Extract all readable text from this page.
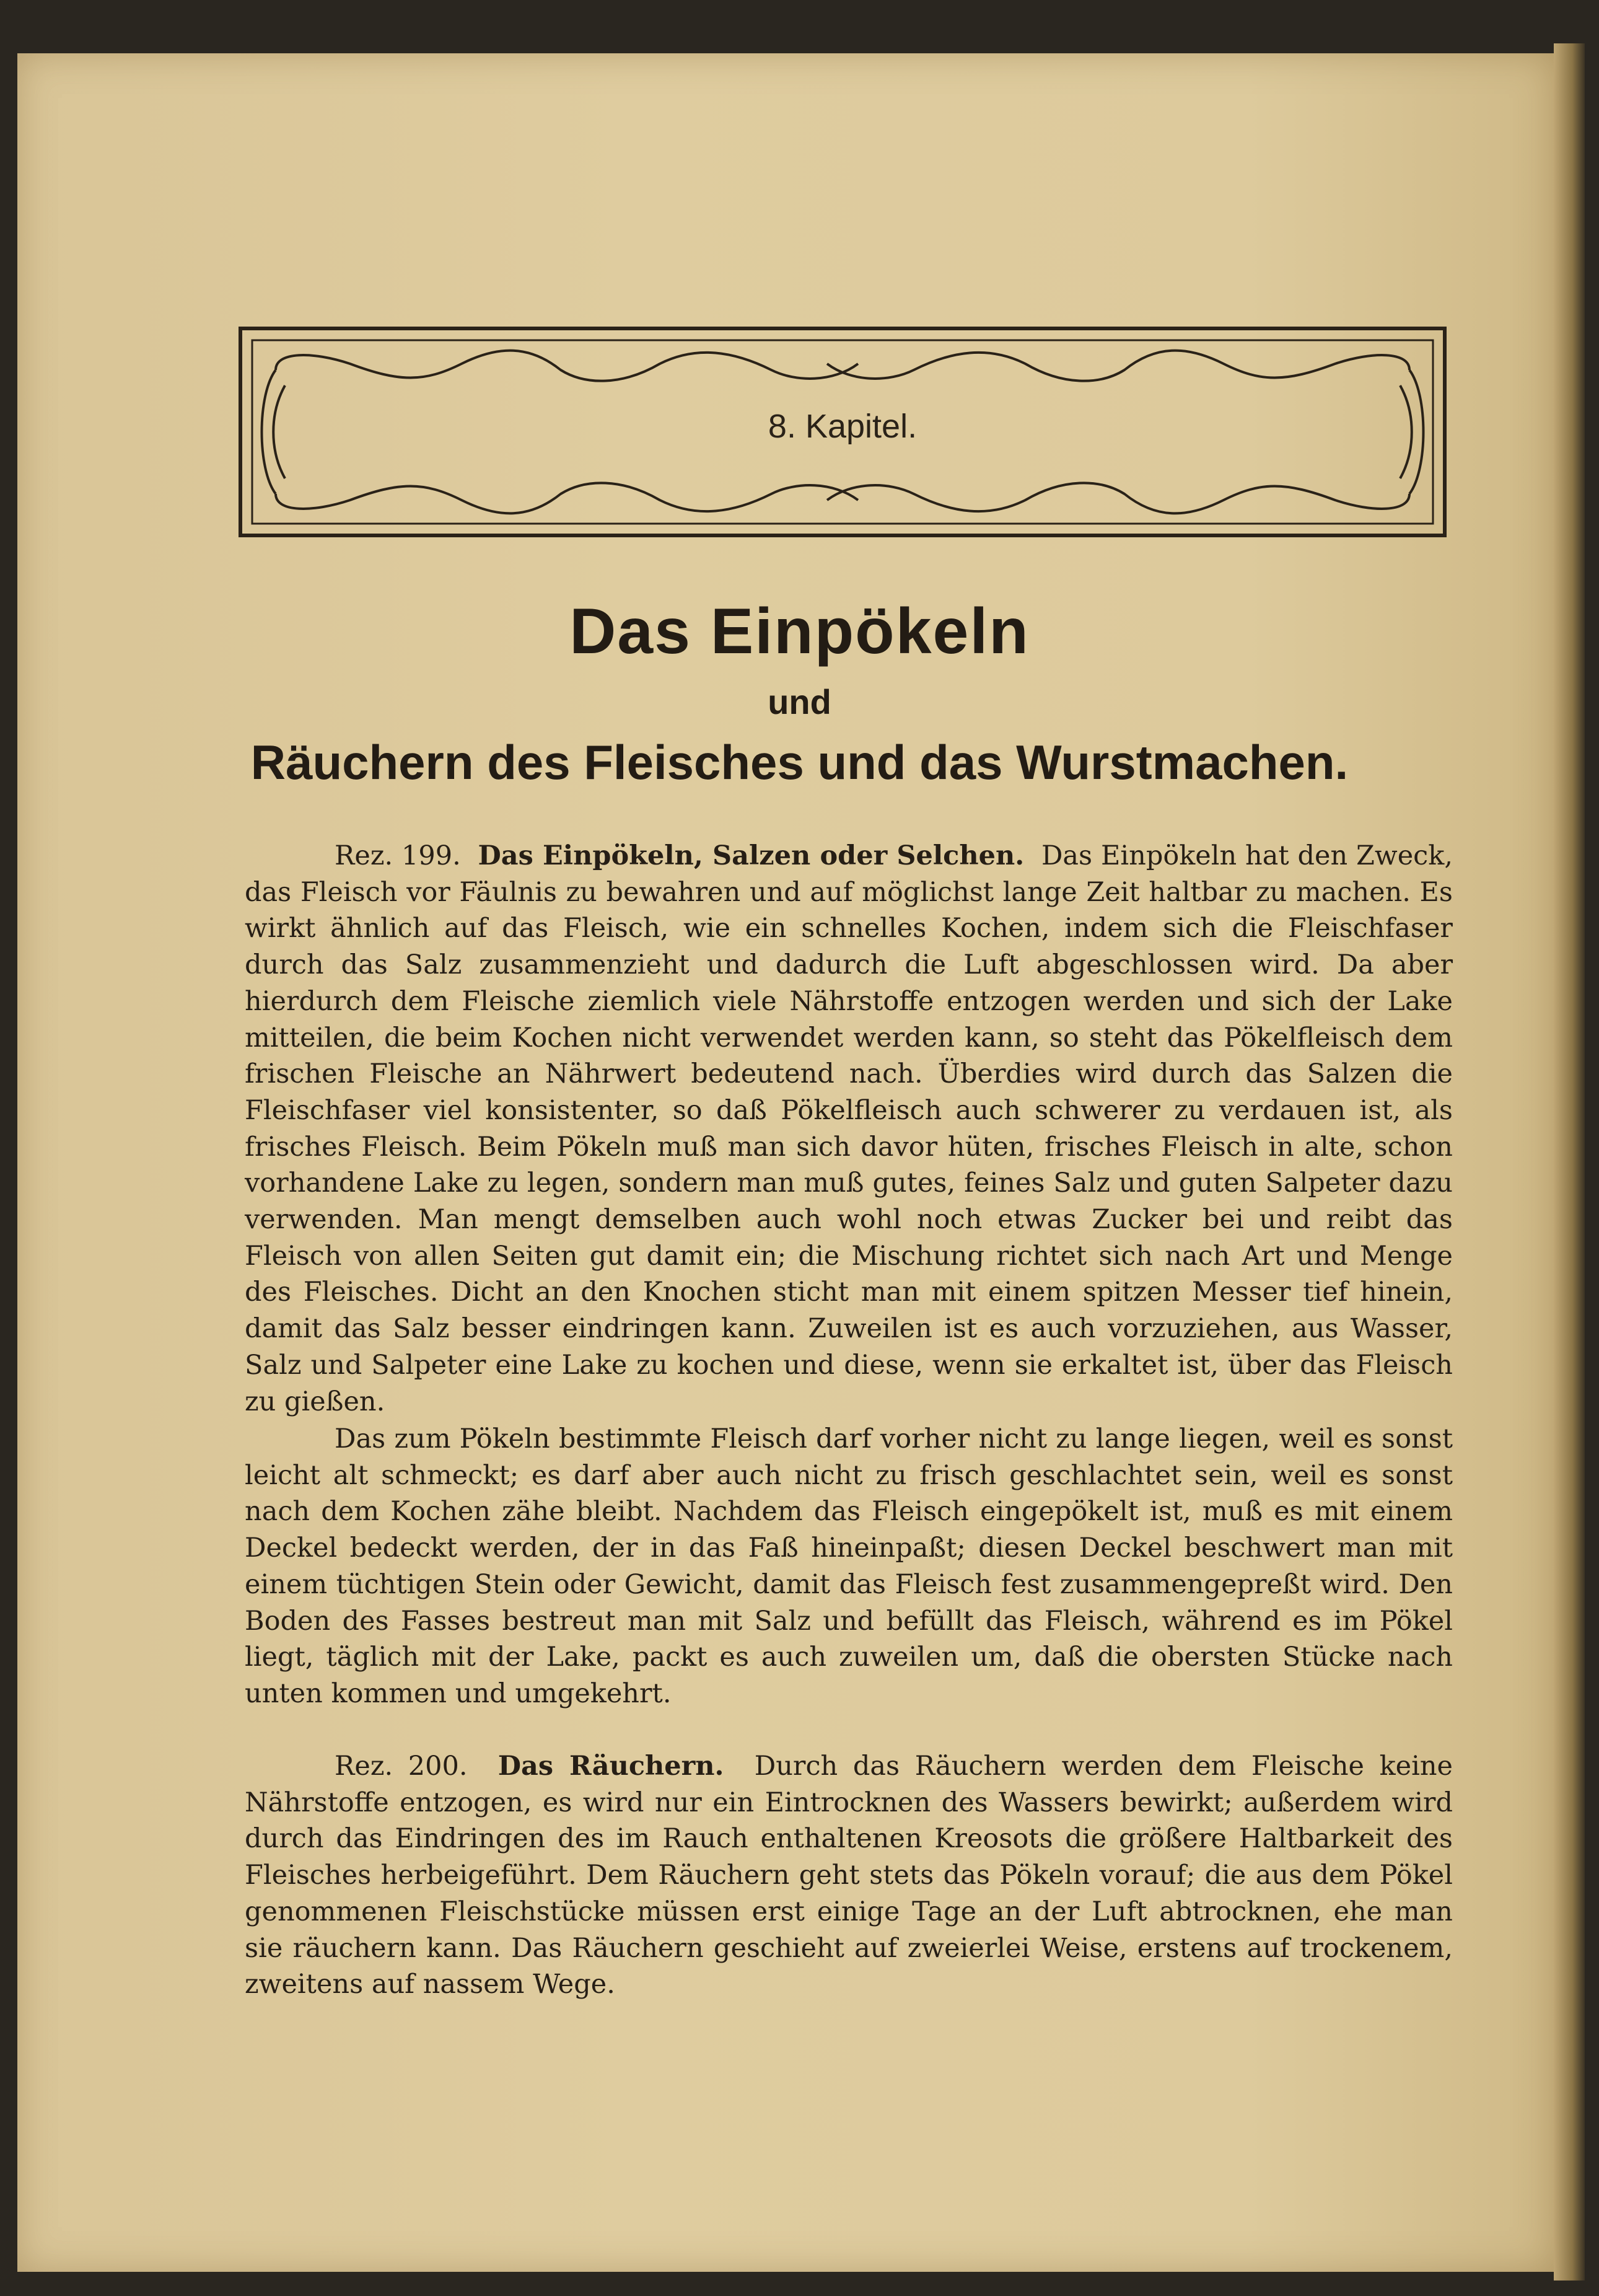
8. Kapitel.
Das Einpökeln
und
Räuchern des Fleisches und das Wurstmachen.
Rez. 199. Das Einpökeln, Salzen oder Selchen. Das Einpökeln hat den Zweck, das Fleisch vor Fäulnis zu bewahren und auf möglichst lange Zeit haltbar zu machen. Es wirkt ähnlich auf das Fleisch, wie ein schnelles Kochen, indem sich die Fleischfaser durch das Salz zusammenzieht und dadurch die Luft abgeschlossen wird. Da aber hierdurch dem Fleische ziemlich viele Nährstoffe entzogen werden und sich der Lake mitteilen, die beim Kochen nicht verwendet werden kann, so steht das Pökelfleisch dem frischen Fleische an Nährwert bedeutend nach. Überdies wird durch das Salzen die Fleischfaser viel konsistenter, so daß Pökelfleisch auch schwerer zu verdauen ist, als frisches Fleisch. Beim Pökeln muß man sich davor hüten, frisches Fleisch in alte, schon vorhandene Lake zu legen, sondern man muß gutes, feines Salz und guten Salpeter dazu verwenden. Man mengt demselben auch wohl noch etwas Zucker bei und reibt das Fleisch von allen Seiten gut damit ein; die Mischung richtet sich nach Art und Menge des Fleisches. Dicht an den Knochen sticht man mit einem spitzen Messer tief hinein, damit das Salz besser eindringen kann. Zuweilen ist es auch vorzuziehen, aus Wasser, Salz und Salpeter eine Lake zu kochen und diese, wenn sie erkaltet ist, über das Fleisch zu gießen.
Das zum Pökeln bestimmte Fleisch darf vorher nicht zu lange liegen, weil es sonst leicht alt schmeckt; es darf aber auch nicht zu frisch geschlachtet sein, weil es sonst nach dem Kochen zähe bleibt. Nachdem das Fleisch eingepökelt ist, muß es mit einem Deckel bedeckt werden, der in das Faß hineinpaßt; diesen Deckel beschwert man mit einem tüchtigen Stein oder Gewicht, damit das Fleisch fest zusammengepreßt wird. Den Boden des Fasses bestreut man mit Salz und befüllt das Fleisch, während es im Pökel liegt, täglich mit der Lake, packt es auch zuweilen um, daß die obersten Stücke nach unten kommen und umgekehrt.
Rez. 200. Das Räuchern. Durch das Räuchern werden dem Fleische keine Nährstoffe entzogen, es wird nur ein Eintrocknen des Wassers bewirkt; außerdem wird durch das Eindringen des im Rauch enthaltenen Kreosots die größere Haltbarkeit des Fleisches herbeigeführt. Dem Räuchern geht stets das Pökeln vorauf; die aus dem Pökel genommenen Fleischstücke müssen erst einige Tage an der Luft abtrocknen, ehe man sie räuchern kann. Das Räuchern geschieht auf zweierlei Weise, erstens auf trockenem, zweitens auf nassem Wege.
